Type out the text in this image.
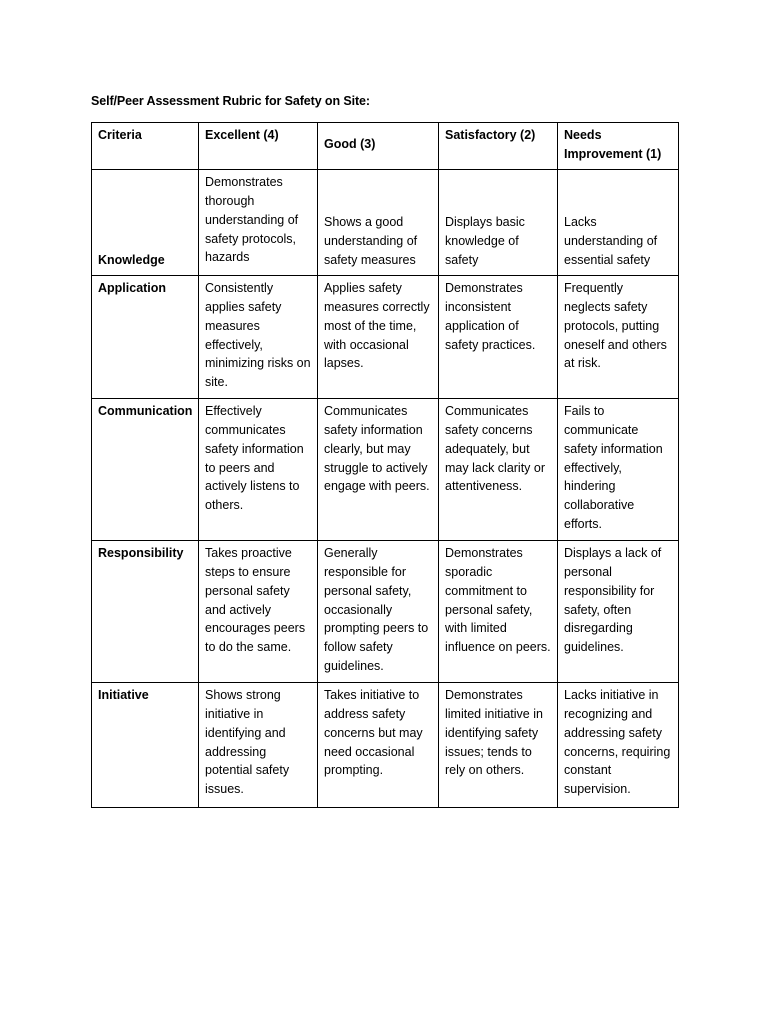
Self/Peer Assessment Rubric for Safety on Site:
Criteria	Excellent (4)	Good (3)	Satisfactory (2)	Needs Improvement (1)
Knowledge	Demonstrates thorough understanding of safety protocols, hazards	Shows a good understanding of safety measures	Displays basic knowledge of safety	Lacks understanding of essential safety
Application	Consistently applies safety measures effectively, minimizing risks on site.	Applies safety measures correctly most of the time, with occasional lapses.	Demonstrates inconsistent application of safety practices.	Frequently neglects safety protocols, putting oneself and others at risk.
Communication	Effectively communicates safety information to peers and actively listens to others.	Communicates safety information clearly, but may struggle to actively engage with peers.	Communicates safety concerns adequately, but may lack clarity or attentiveness.	Fails to communicate safety information effectively, hindering collaborative efforts.
Responsibility	Takes proactive steps to ensure personal safety and actively encourages peers to do the same.	Generally responsible for personal safety, occasionally prompting peers to follow safety guidelines.	Demonstrates sporadic commitment to personal safety, with limited influence on peers.	Displays a lack of personal responsibility for safety, often disregarding guidelines.
Initiative	Shows strong initiative in identifying and addressing potential safety issues.	Takes initiative to address safety concerns but may need occasional prompting.	Demonstrates limited initiative in identifying safety issues; tends to rely on others.	Lacks initiative in recognizing and addressing safety concerns, requiring constant supervision.
